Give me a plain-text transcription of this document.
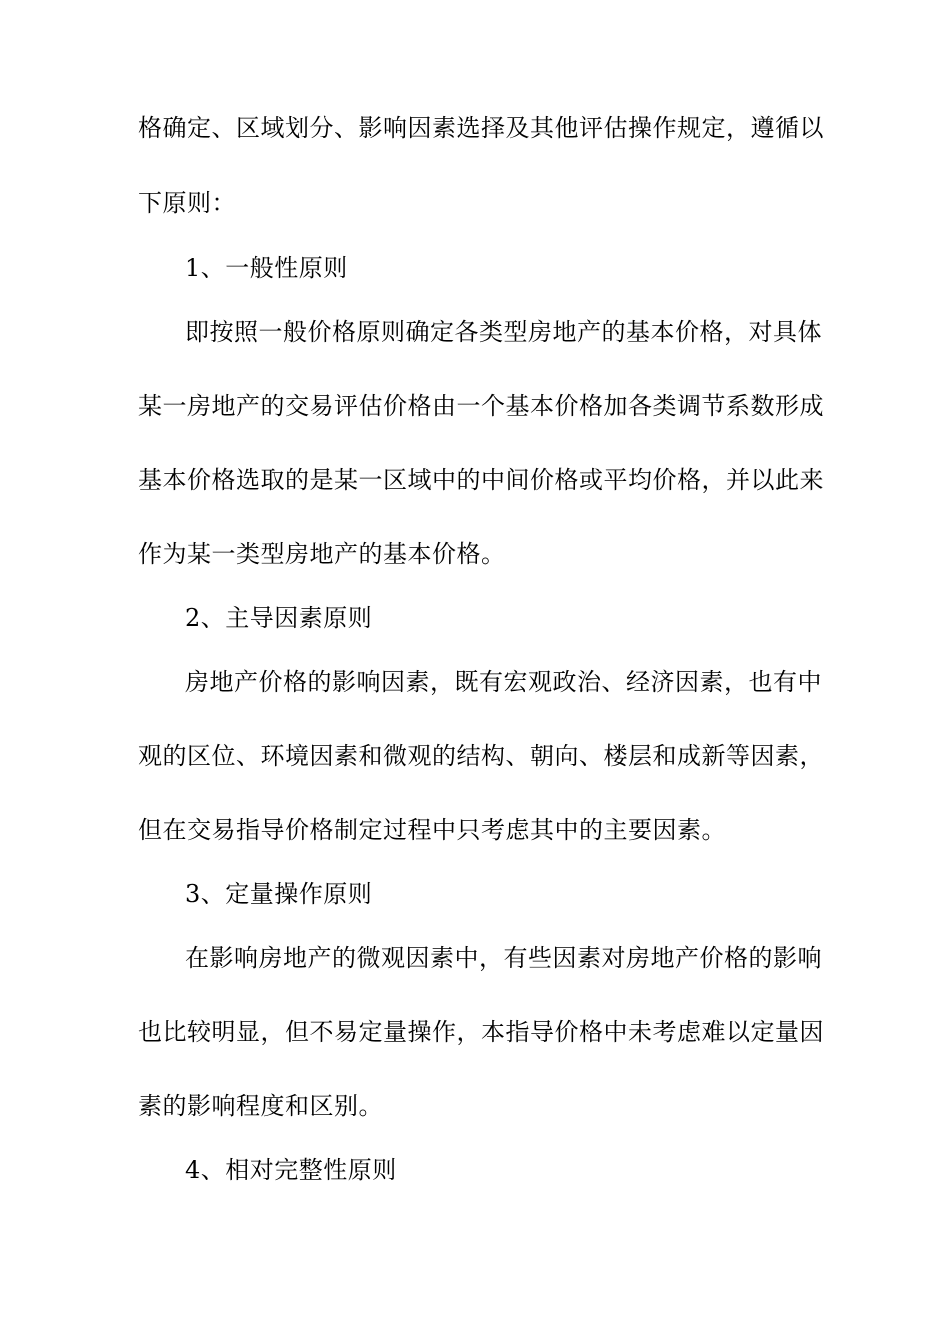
格确定、区域划分、影响因素选择及其他评估操作规定，遵循以
下原则：
1、一般性原则
即按照一般价格原则确定各类型房地产的基本价格，对具体
某一房地产的交易评估价格由一个基本价格加各类调节系数形成
基本价格选取的是某一区域中的中间价格或平均价格，并以此来
作为某一类型房地产的基本价格。
2、主导因素原则
房地产价格的影响因素，既有宏观政治、经济因素，也有中
观的区位、环境因素和微观的结构、朝向、楼层和成新等因素，
但在交易指导价格制定过程中只考虑其中的主要因素。
3、定量操作原则
在影响房地产的微观因素中，有些因素对房地产价格的影响
也比较明显，但不易定量操作，本指导价格中未考虑难以定量因
素的影响程度和区别。
4、相对完整性原则
